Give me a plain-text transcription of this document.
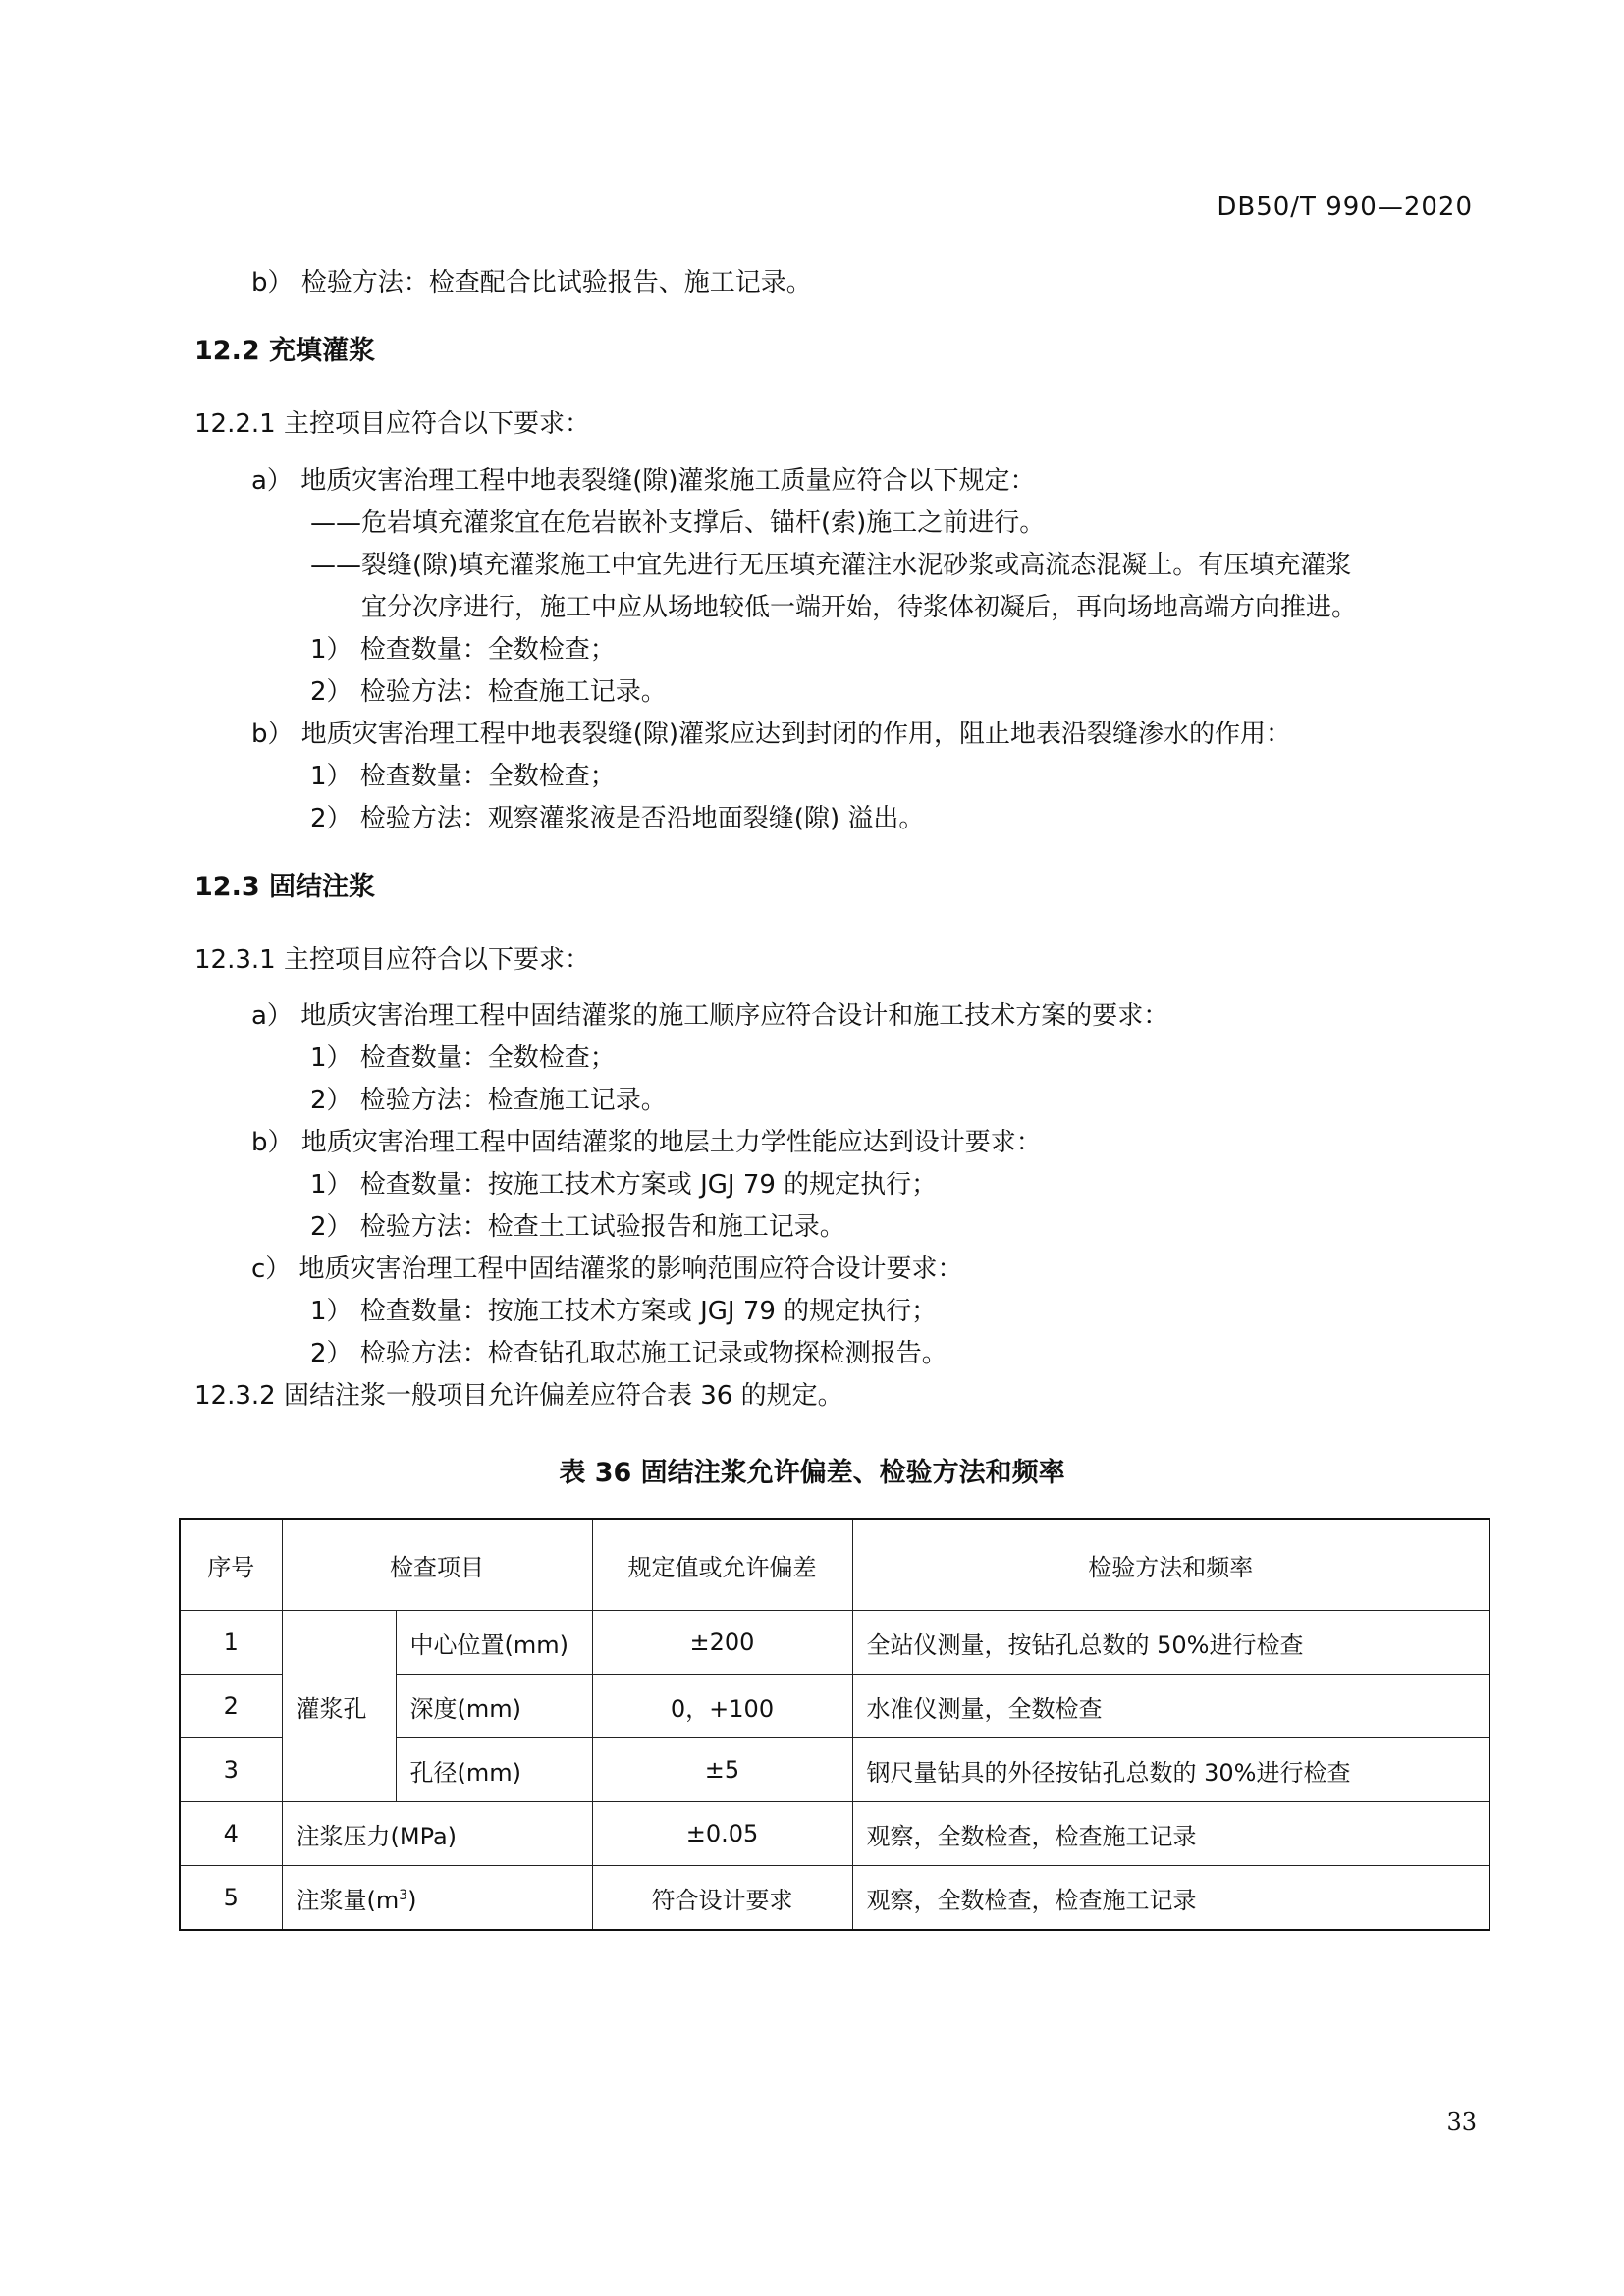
DB50/T 990—2020
b） 检验方法：检查配合比试验报告、施工记录。
12.2 充填灌浆
12.2.1 主控项目应符合以下要求：
a） 地质灾害治理工程中地表裂缝(隙)灌浆施工质量应符合以下规定：
——危岩填充灌浆宜在危岩嵌补支撑后、锚杆(索)施工之前进行。
——裂缝(隙)填充灌浆施工中宜先进行无压填充灌注水泥砂浆或高流态混凝土。有压填充灌浆
宜分次序进行，施工中应从场地较低一端开始，待浆体初凝后，再向场地高端方向推进。
1） 检查数量：全数检查；
2） 检验方法：检查施工记录。
b） 地质灾害治理工程中地表裂缝(隙)灌浆应达到封闭的作用，阻止地表沿裂缝渗水的作用：
1） 检查数量：全数检查；
2） 检验方法：观察灌浆液是否沿地面裂缝(隙) 溢出。
12.3 固结注浆
12.3.1 主控项目应符合以下要求：
a） 地质灾害治理工程中固结灌浆的施工顺序应符合设计和施工技术方案的要求：
1） 检查数量：全数检查；
2） 检验方法：检查施工记录。
b） 地质灾害治理工程中固结灌浆的地层土力学性能应达到设计要求：
1） 检查数量：按施工技术方案或 JGJ 79 的规定执行；
2） 检验方法：检查土工试验报告和施工记录。
c） 地质灾害治理工程中固结灌浆的影响范围应符合设计要求：
1） 检查数量：按施工技术方案或 JGJ 79 的规定执行；
2） 检验方法：检查钻孔取芯施工记录或物探检测报告。
12.3.2 固结注浆一般项目允许偏差应符合表 36 的规定。
表 36 固结注浆允许偏差、检验方法和频率
序号	检查项目		规定值或允许偏差	检验方法和频率
1	灌浆孔	中心位置(mm)	±200	全站仪测量，按钻孔总数的 50%进行检查
2		深度(mm)	0，+100	水准仪测量，全数检查
3		孔径(mm)	±5	钢尺量钻具的外径按钻孔总数的 30%进行检查
4	注浆压力(MPa)		±0.05	观察，全数检查，检查施工记录
5	注浆量$(m^3)$		符合设计要求	观察，全数检查，检查施工记录
33
